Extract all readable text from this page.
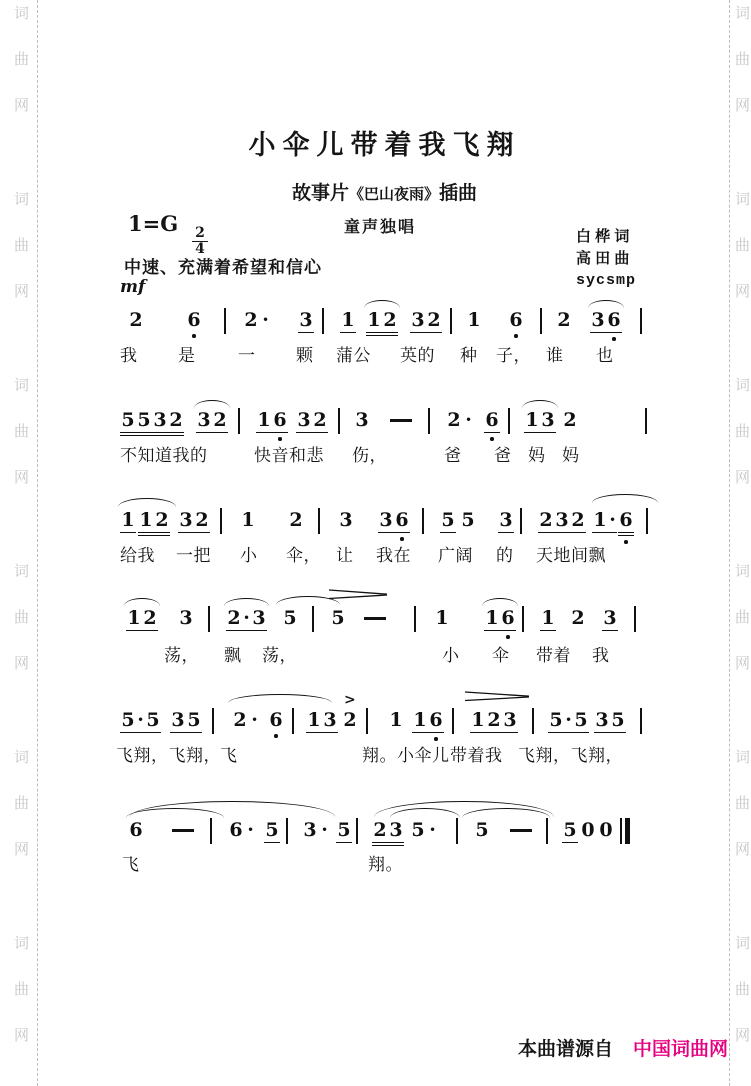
小伞儿带着我飞翔
故事片《巴山夜雨》插曲
1=G
$\frac{2}{4}$	童声独唱
白 桦 词
高 田 曲
sycsmp
中速、充满着希望和信心
mf
2 6 2 · 3 1 1 2 3 2 1 6 2 3 6
我 是	一 颗 蒲公 英的 种 子， 谁 也
5 5 3 2 3 2 1 6 3 2 3	2 · 6 1 3 2
不知道我的	快音和悲 伤，	爸 爸 妈 妈
1 1 2 3 2 1 2 3 3 6 5 5 3 2 3 2 1 · 6
给我 一把 小 伞， 让 我在 广阔 的 天地间飘
1 2 3 2 · 3 5 5	1 1 6 1 2 3
荡， 飘 荡，	小 伞 带着 我
5 · 5 3 5 2 · 6 1 3 2 1 1 6 1 2 3 5 · 5 3 5
>
飞翔，飞翔， 飞	翔。小伞儿 带着我 飞翔，飞翔，
6	6 · 5 3 · 5 2 3 5 · 5	5 0 0
飞	翔。
本曲谱源自 中国词曲网
词
曲
网
词
曲
网
词
曲
网
词
曲
网
词
曲
网
词
曲
网
词
曲
网
词
曲
网
词
曲
网
词
曲
网
词
曲
网
词
曲
网
